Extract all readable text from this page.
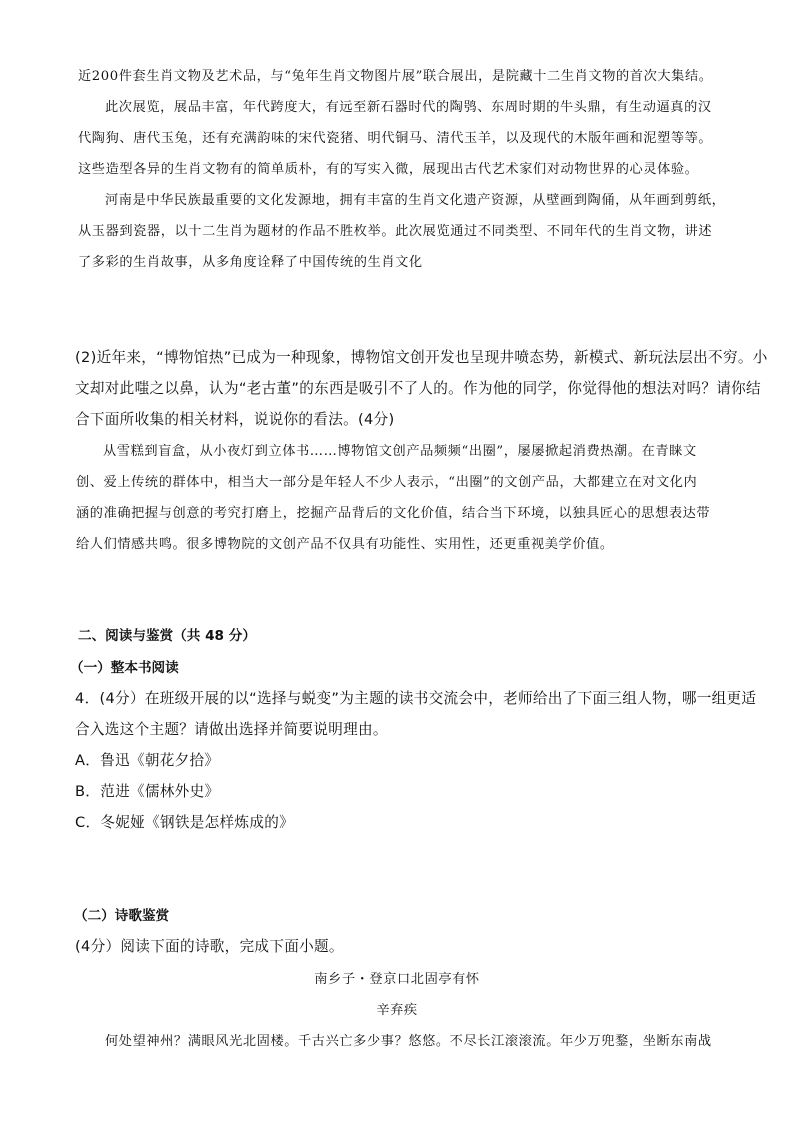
近200件套生肖文物及艺术品，与“兔年生肖文物图片展”联合展出，是院藏十二生肖文物的首次大集结。
此次展览，展品丰富，年代跨度大，有远至新石器时代的陶鸮、东周时期的牛头鼎，有生动逼真的汉
代陶狗、唐代玉兔，还有充满韵味的宋代瓷猪、明代铜马、清代玉羊，以及现代的木版年画和泥塑等等。
这些造型各异的生肖文物有的简单质朴，有的写实入微，展现出古代艺术家们对动物世界的心灵体验。
河南是中华民族最重要的文化发源地，拥有丰富的生肖文化遗产资源，从壁画到陶俑，从年画到剪纸，
从玉器到瓷器，以十二生肖为题材的作品不胜枚举。此次展览通过不同类型、不同年代的生肖文物，讲述
了多彩的生肖故事，从多角度诠释了中国传统的生肖文化
(2)近年来，“博物馆热”已成为一种现象，博物馆文创开发也呈现井喷态势，新模式、新玩法层出不穷。小
文却对此嗤之以鼻，认为“老古董”的东西是吸引不了人的。作为他的同学，你觉得他的想法对吗？请你结
合下面所收集的相关材料，说说你的看法。(4分)
从雪糕到盲盒，从小夜灯到立体书……博物馆文创产品频频“出圈”，屡屡掀起消费热潮。在青睐文
创、爱上传统的群体中，相当大一部分是年轻人不少人表示，“出圈”的文创产品，大都建立在对文化内
涵的准确把握与创意的考究打磨上，挖掘产品背后的文化价值，结合当下环境，以独具匠心的思想表达带
给人们情感共鸣。很多博物院的文创产品不仅具有功能性、实用性，还更重视美学价值。
二、阅读与鉴赏（共 48 分）
（一）整本书阅读
4．(4分）在班级开展的以“选择与蜕变”为主题的读书交流会中，老师给出了下面三组人物，哪一组更适
合入选这个主题？请做出选择并简要说明理由。
A．鲁迅《朝花夕拾》
B．范进《儒林外史》
C．冬妮娅《钢铁是怎样炼成的》
（二）诗歌鉴赏
(4分）阅读下面的诗歌，完成下面小题。
南乡子・登京口北固亭有怀
辛弃疾
何处望神州？满眼风光北固楼。千古兴亡多少事？悠悠。不尽长江滚滚流。年少万兜鍪，坐断东南战
